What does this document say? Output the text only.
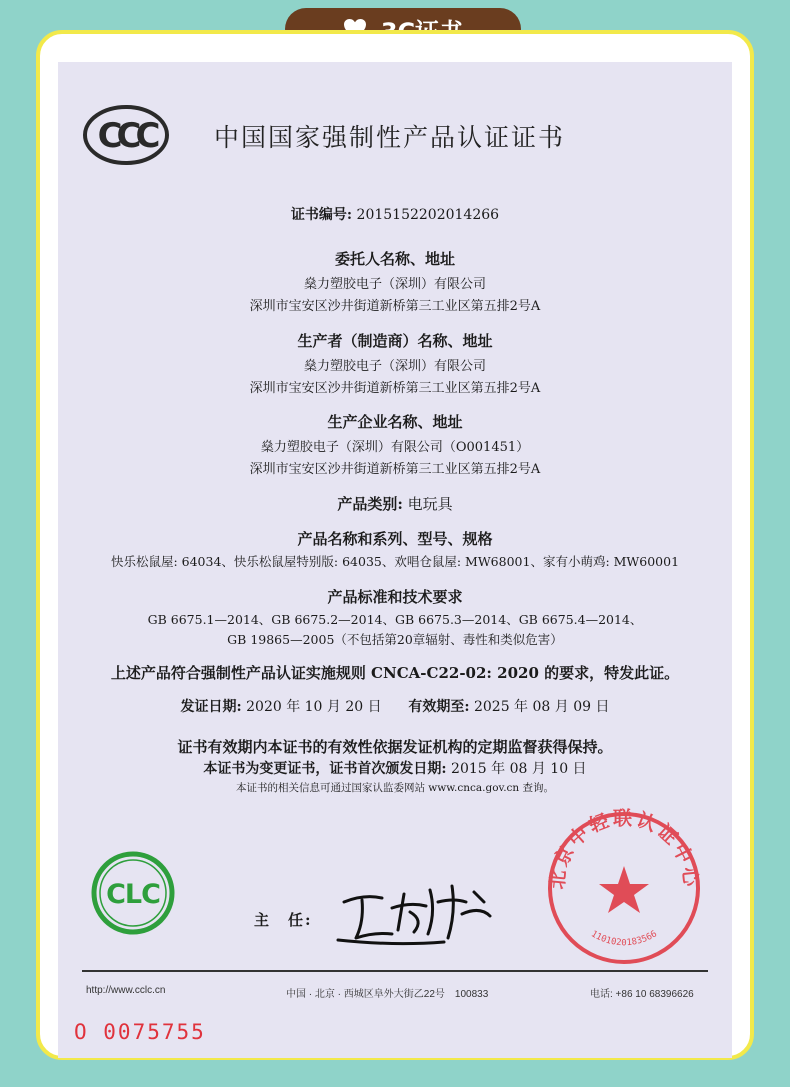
CCC 中国国家强制性产品认证证书
证书编号: 2015152202014266
委托人名称、地址
燊力塑胶电子（深圳）有限公司
深圳市宝安区沙井街道新桥第三工业区第五排2号A
生产者（制造商）名称、地址
燊力塑胶电子（深圳）有限公司
深圳市宝安区沙井街道新桥第三工业区第五排2号A
生产企业名称、地址
燊力塑胶电子（深圳）有限公司（O001451）
深圳市宝安区沙井街道新桥第三工业区第五排2号A
产品类别: 电玩具
产品名称和系列、型号、规格
快乐松鼠屋: 64034、快乐松鼠屋特别版: 64035、欢唱仓鼠屋: MW68001、家有小萌鸡: MW60001
产品标准和技术要求
GB 6675.1—2014、GB 6675.2—2014、GB 6675.3—2014、GB 6675.4—2014、
GB 19865—2005（不包括第20章辐射、毒性和类似危害）
上述产品符合强制性产品认证实施规则 CNCA-C22-02: 2020 的要求，特发此证。
发证日期: 2020 年 10 月 20 日 有效期至: 2025 年 08 月 09 日
证书有效期内本证书的有效性依据发证机构的定期监督获得保持。
本证书为变更证书，证书首次颁发日期: 2015 年 08 月 10 日
本证书的相关信息可通过国家认监委网站 www.cnca.gov.cn 查询。
CLC
主　任:
北京中轻联认证中心
1101020183566
http://www.cclc.cn	中国 · 北京 · 西城区阜外大街乙22号　100833	电话: +86 10 68396626
O 0075755
